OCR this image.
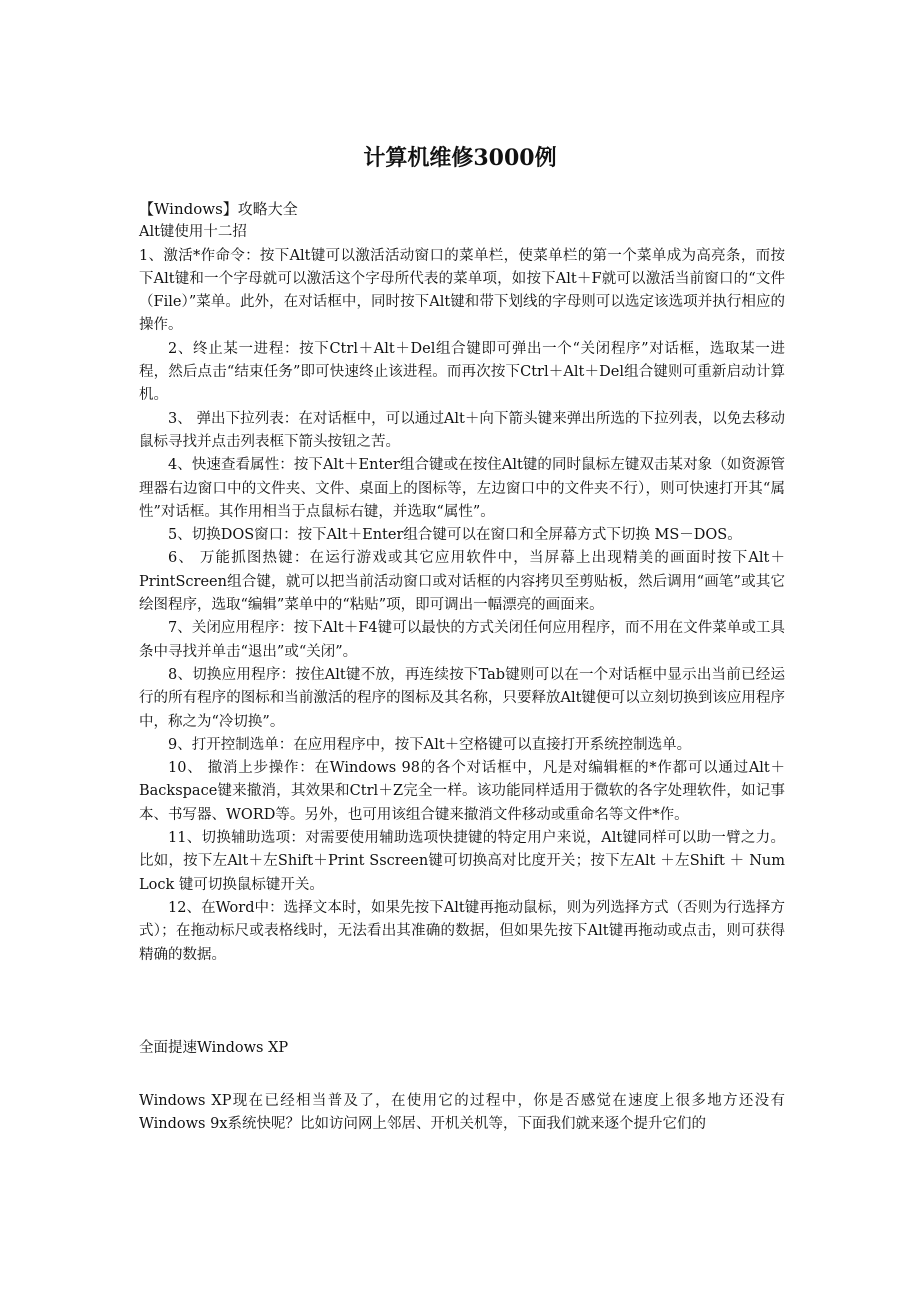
计算机维修3000例

【Windows】攻略大全

Alt键使用十二招

1、激活*作命令：按下Alt键可以激活活动窗口的菜单栏，使菜单栏的第一个菜单成为高亮条，而按下Alt键和一个字母就可以激活这个字母所代表的菜单项，如按下Alt＋F就可以激活当前窗口的“文件（File）”菜单。此外，在对话框中，同时按下Alt键和带下划线的字母则可以选定该选项并执行相应的操作。

2、终止某一进程：按下Ctrl＋Alt＋Del组合键即可弹出一个“关闭程序”对话框，选取某一进程，然后点击“结束任务”即可快速终止该进程。而再次按下Ctrl＋Alt＋Del组合键则可重新启动计算机。

3、 弹出下拉列表：在对话框中，可以通过Alt＋向下箭头键来弹出所选的下拉列表，以免去移动鼠标寻找并点击列表框下箭头按钮之苦。

4、快速查看属性：按下Alt＋Enter组合键或在按住Alt键的同时鼠标左键双击某对象（如资源管理器右边窗口中的文件夹、文件、桌面上的图标等，左边窗口中的文件夹不行），则可快速打开其“属性”对话框。其作用相当于点鼠标右键，并选取“属性”。

5、切换DOS窗口：按下Alt＋Enter组合键可以在窗口和全屏幕方式下切换 MS－DOS。

6、 万能抓图热键：在运行游戏或其它应用软件中，当屏幕上出现精美的画面时按下Alt＋PrintScreen组合键，就可以把当前活动窗口或对话框的内容拷贝至剪贴板，然后调用“画笔”或其它绘图程序，选取“编辑”菜单中的“粘贴”项，即可调出一幅漂亮的画面来。

7、关闭应用程序：按下Alt＋F4键可以最快的方式关闭任何应用程序，而不用在文件菜单或工具条中寻找并单击“退出”或“关闭”。

8、切换应用程序：按住Alt键不放，再连续按下Tab键则可以在一个对话框中显示出当前已经运行的所有程序的图标和当前激活的程序的图标及其名称，只要释放Alt键便可以立刻切换到该应用程序中，称之为“冷切换”。

9、打开控制选单：在应用程序中，按下Alt＋空格键可以直接打开系统控制选单。

10、 撤消上步操作：在Windows 98的各个对话框中，凡是对编辑框的*作都可以通过Alt＋Backspace键来撤消，其效果和Ctrl＋Z完全一样。该功能同样适用于微软的各字处理软件，如记事本、书写器、WORD等。另外，也可用该组合键来撤消文件移动或重命名等文件*作。

11、切换辅助选项：对需要使用辅助选项快捷键的特定用户来说，Alt键同样可以助一臂之力。比如，按下左Alt＋左Shift＋Print Sscreen键可切换高对比度开关；按下左Alt ＋左Shift ＋ Num Lock 键可切换鼠标键开关。

12、在Word中：选择文本时，如果先按下Alt键再拖动鼠标，则为列选择方式（否则为行选择方式）；在拖动标尺或表格线时，无法看出其准确的数据，但如果先按下Alt键再拖动或点击，则可获得精确的数据。

全面提速Windows XP

Windows XP现在已经相当普及了，在使用它的过程中，你是否感觉在速度上很多地方还没有Windows 9x系统快呢？比如访问网上邻居、开机关机等，下面我们就来逐个提升它们的
